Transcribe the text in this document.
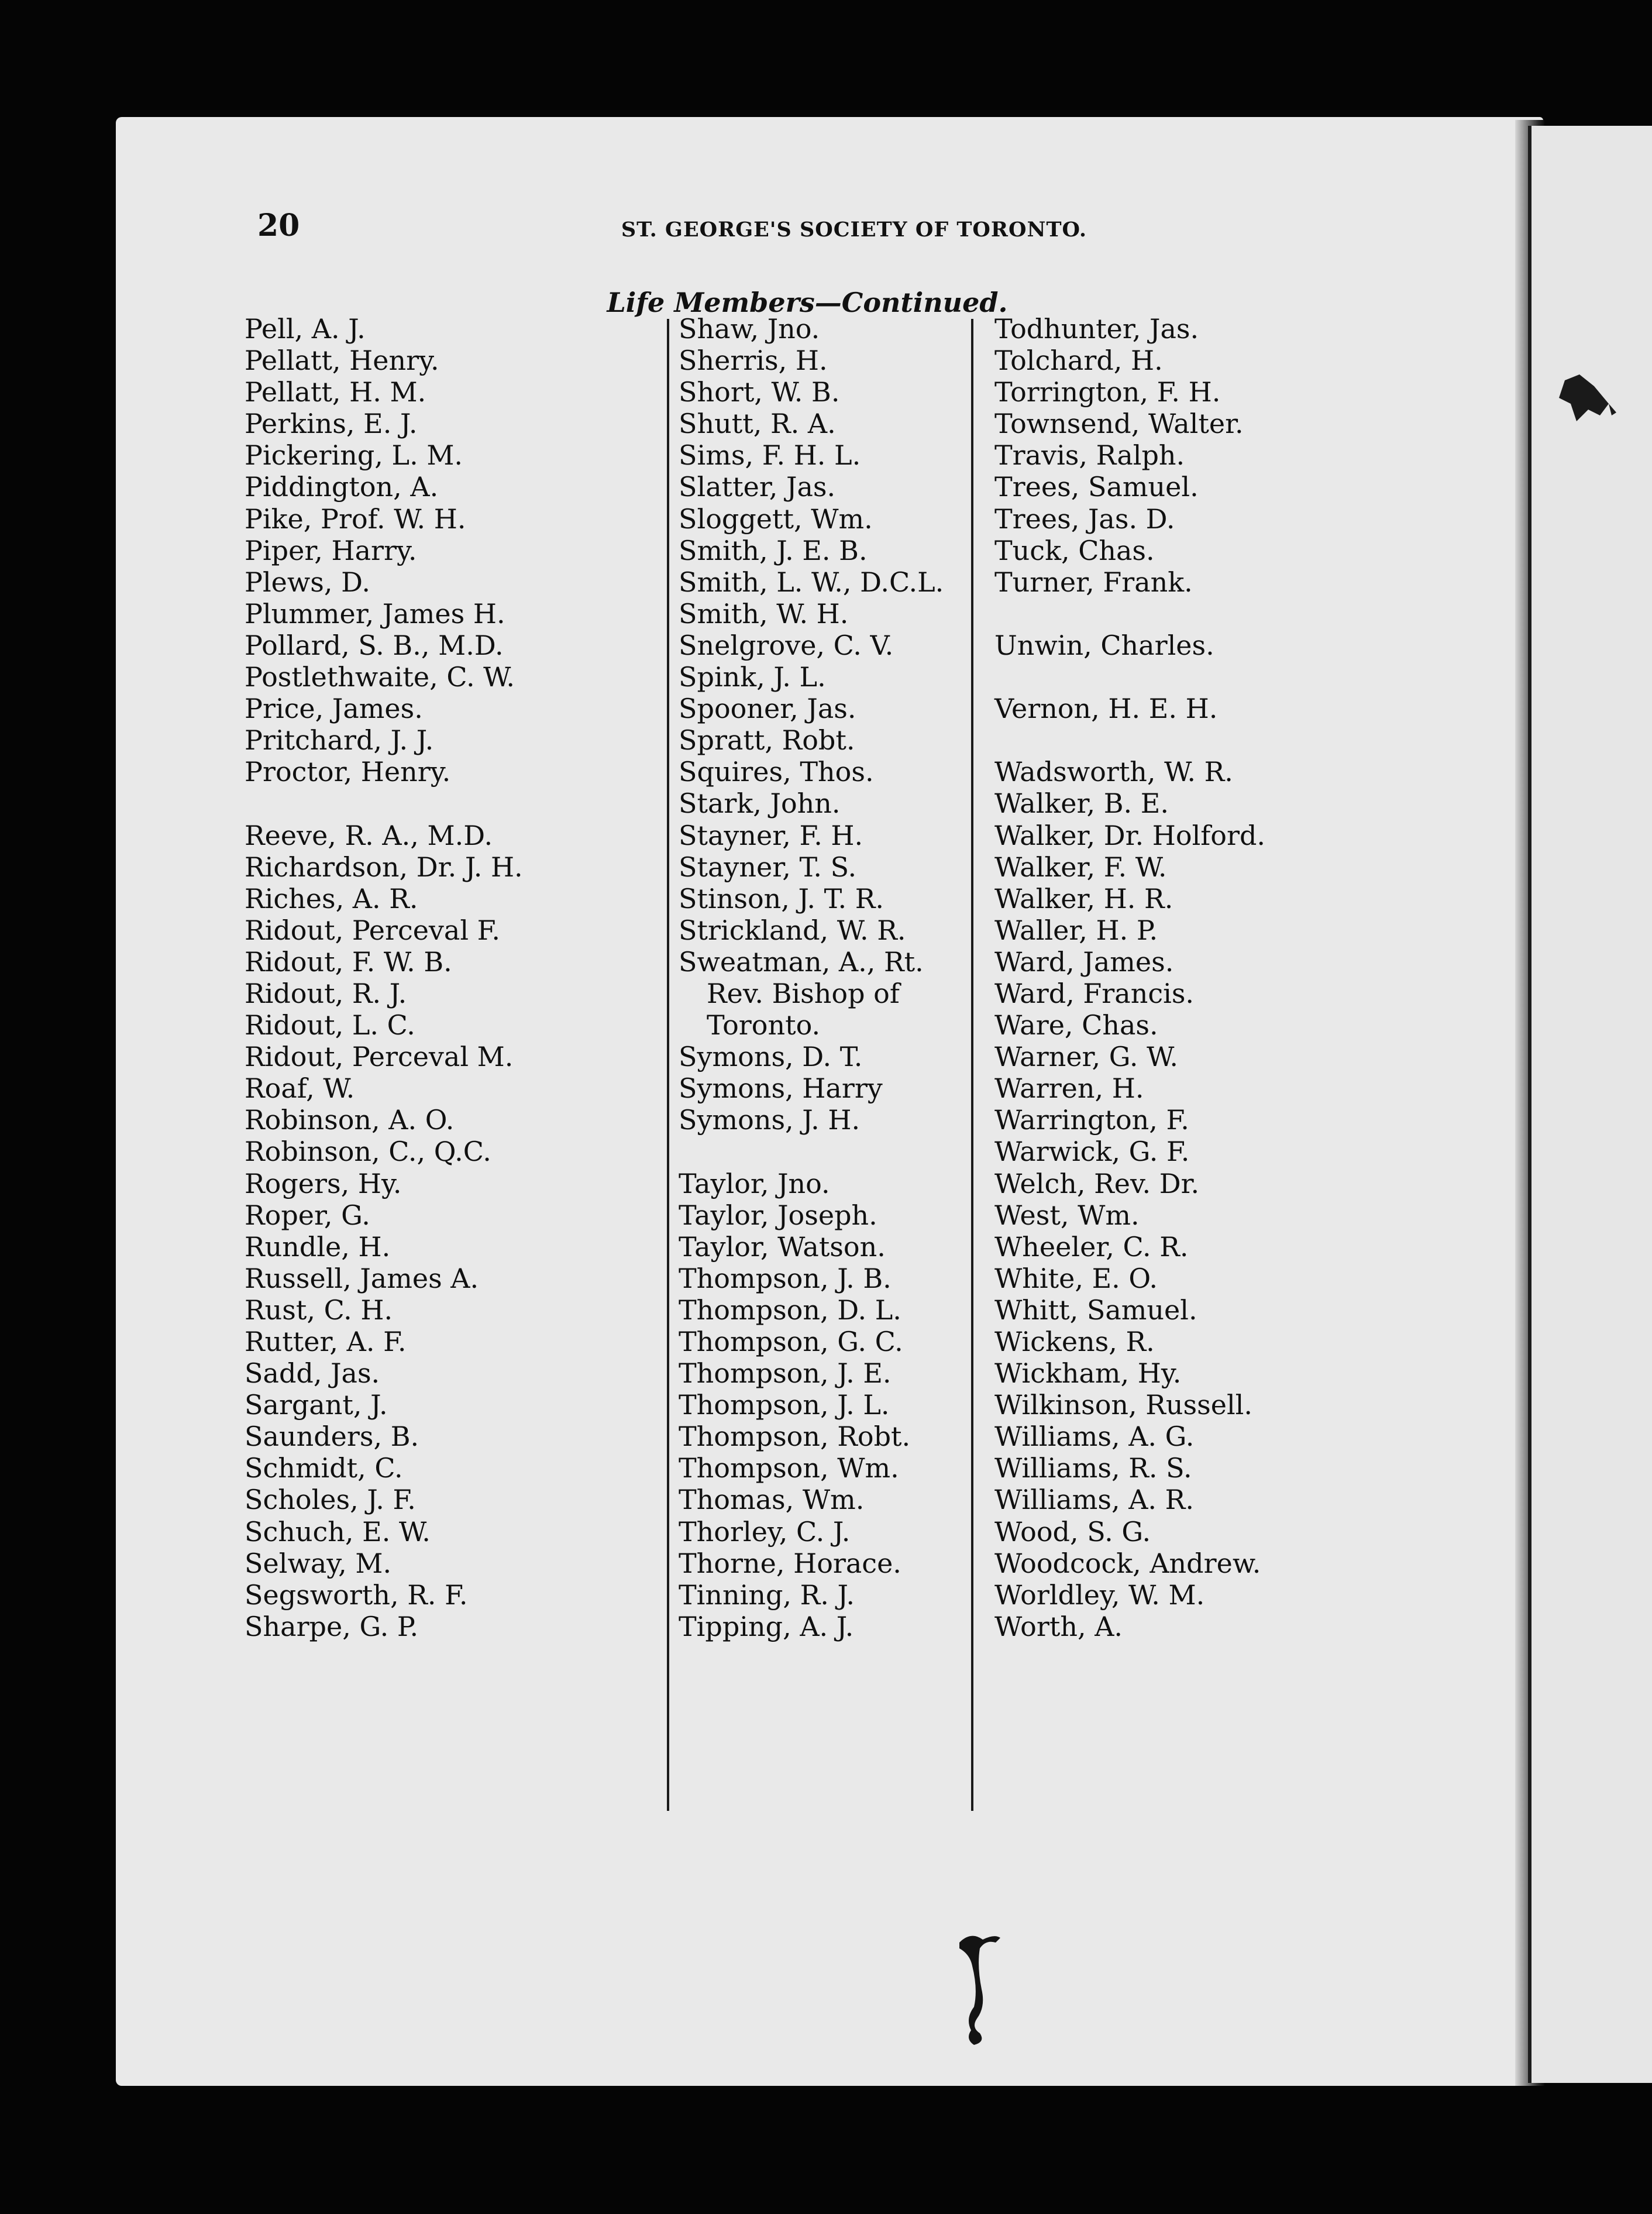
20	ST. GEORGE'S SOCIETY OF TORONTO.
Life Members—Continued.
Pell, A. J.
Pellatt, Henry.
Pellatt, H. M.
Perkins, E. J.
Pickering, L. M.
Piddington, A.
Pike, Prof. W. H.
Piper, Harry.
Plews, D.
Plummer, James H.
Pollard, S. B., M.D.
Postlethwaite, C. W.
Price, James.
Pritchard, J. J.
Proctor, Henry.
Reeve, R. A., M.D.
Richardson, Dr. J. H.
Riches, A. R.
Ridout, Perceval F.
Ridout, F. W. B.
Ridout, R. J.
Ridout, L. C.
Ridout, Perceval M.
Roaf, W.
Robinson, A. O.
Robinson, C., Q.C.
Rogers, Hy.
Roper, G.
Rundle, H.
Russell, James A.
Rust, C. H.
Rutter, A. F.
Sadd, Jas.
Sargant, J.
Saunders, B.
Schmidt, C.
Scholes, J. F.
Schuch, E. W.
Selway, M.
Segsworth, R. F.
Sharpe, G. P.
Shaw, Jno.
Sherris, H.
Short, W. B.
Shutt, R. A.
Sims, F. H. L.
Slatter, Jas.
Sloggett, Wm.
Smith, J. E. B.
Smith, L. W., D.C.L.
Smith, W. H.
Snelgrove, C. V.
Spink, J. L.
Spooner, Jas.
Spratt, Robt.
Squires, Thos.
Stark, John.
Stayner, F. H.
Stayner, T. S.
Stinson, J. T. R.
Strickland, W. R.
Sweatman, A., Rt.
Rev. Bishop of
Toronto.
Symons, D. T.
Symons, Harry
Symons, J. H.
Taylor, Jno.
Taylor, Joseph.
Taylor, Watson.
Thompson, J. B.
Thompson, D. L.
Thompson, G. C.
Thompson, J. E.
Thompson, J. L.
Thompson, Robt.
Thompson, Wm.
Thomas, Wm.
Thorley, C. J.
Thorne, Horace.
Tinning, R. J.
Tipping, A. J.
Todhunter, Jas.
Tolchard, H.
Torrington, F. H.
Townsend, Walter.
Travis, Ralph.
Trees, Samuel.
Trees, Jas. D.
Tuck, Chas.
Turner, Frank.
Unwin, Charles.
Vernon, H. E. H.
Wadsworth, W. R.
Walker, B. E.
Walker, Dr. Holford.
Walker, F. W.
Walker, H. R.
Waller, H. P.
Ward, James.
Ward, Francis.
Ware, Chas.
Warner, G. W.
Warren, H.
Warrington, F.
Warwick, G. F.
Welch, Rev. Dr.
West, Wm.
Wheeler, C. R.
White, E. O.
Whitt, Samuel.
Wickens, R.
Wickham, Hy.
Wilkinson, Russell.
Williams, A. G.
Williams, R. S.
Williams, A. R.
Wood, S. G.
Woodcock, Andrew.
Worldley, W. M.
Worth, A.
